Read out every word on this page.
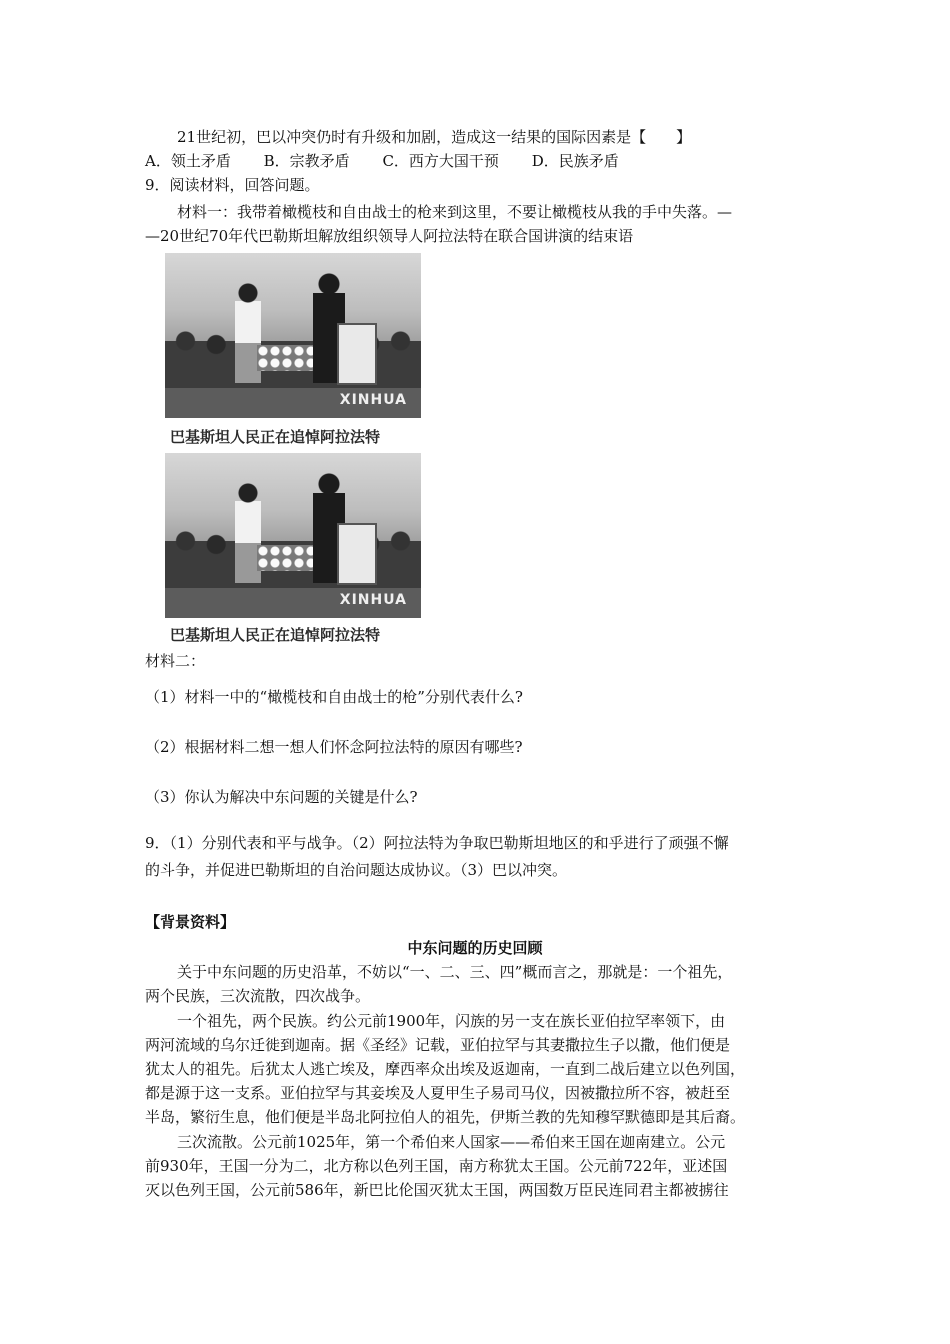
21世纪初，巴以冲突仍时有升级和加剧，造成这一结果的国际因素是【　　】
A．领土矛盾 B．宗教矛盾 C．西方大国干预 D．民族矛盾
9．阅读材料，回答问题。
材料一：我带着橄榄枝和自由战士的枪来到这里，不要让橄榄枝从我的手中失落。—
—20世纪70年代巴勒斯坦解放组织领导人阿拉法特在联合国讲演的结束语
XINHUA
巴基斯坦人民正在追悼阿拉法特
XINHUA
巴基斯坦人民正在追悼阿拉法特
材料二：
（1）材料一中的“橄榄枝和自由战士的枪”分别代表什么?
（2）根据材料二想一想人们怀念阿拉法特的原因有哪些?
（3）你认为解决中东问题的关键是什么?
9．（1）分别代表和平与战争。（2）阿拉法特为争取巴勒斯坦地区的和乎进行了顽强不懈
的斗争，并促进巴勒斯坦的自治问题达成协议。（3）巴以冲突。
【背景资料】
中东问题的历史回顾
关于中东问题的历史沿革，不妨以“一、二、三、四”概而言之，那就是：一个祖先，
两个民族，三次流散，四次战争。
一个祖先，两个民族。约公元前1900年，闪族的另一支在族长亚伯拉罕率领下，由
两河流域的乌尔迁徙到迦南。据《圣经》记载，亚伯拉罕与其妻撒拉生子以撒，他们便是
犹太人的祖先。后犹太人逃亡埃及，摩西率众出埃及返迦南，一直到二战后建立以色列国，
都是源于这一支系。亚伯拉罕与其妾埃及人夏甲生子易司马仪，因被撒拉所不容，被赶至
半岛，繁衍生息，他们便是半岛北阿拉伯人的祖先，伊斯兰教的先知穆罕默德即是其后裔。
三次流散。公元前1025年，第一个希伯来人国家——希伯来王国在迦南建立。公元
前930年，王国一分为二，北方称以色列王国，南方称犹太王国。公元前722年，亚述国
灭以色列王国，公元前586年，新巴比伦国灭犹太王国，两国数万臣民连同君主都被掳往
